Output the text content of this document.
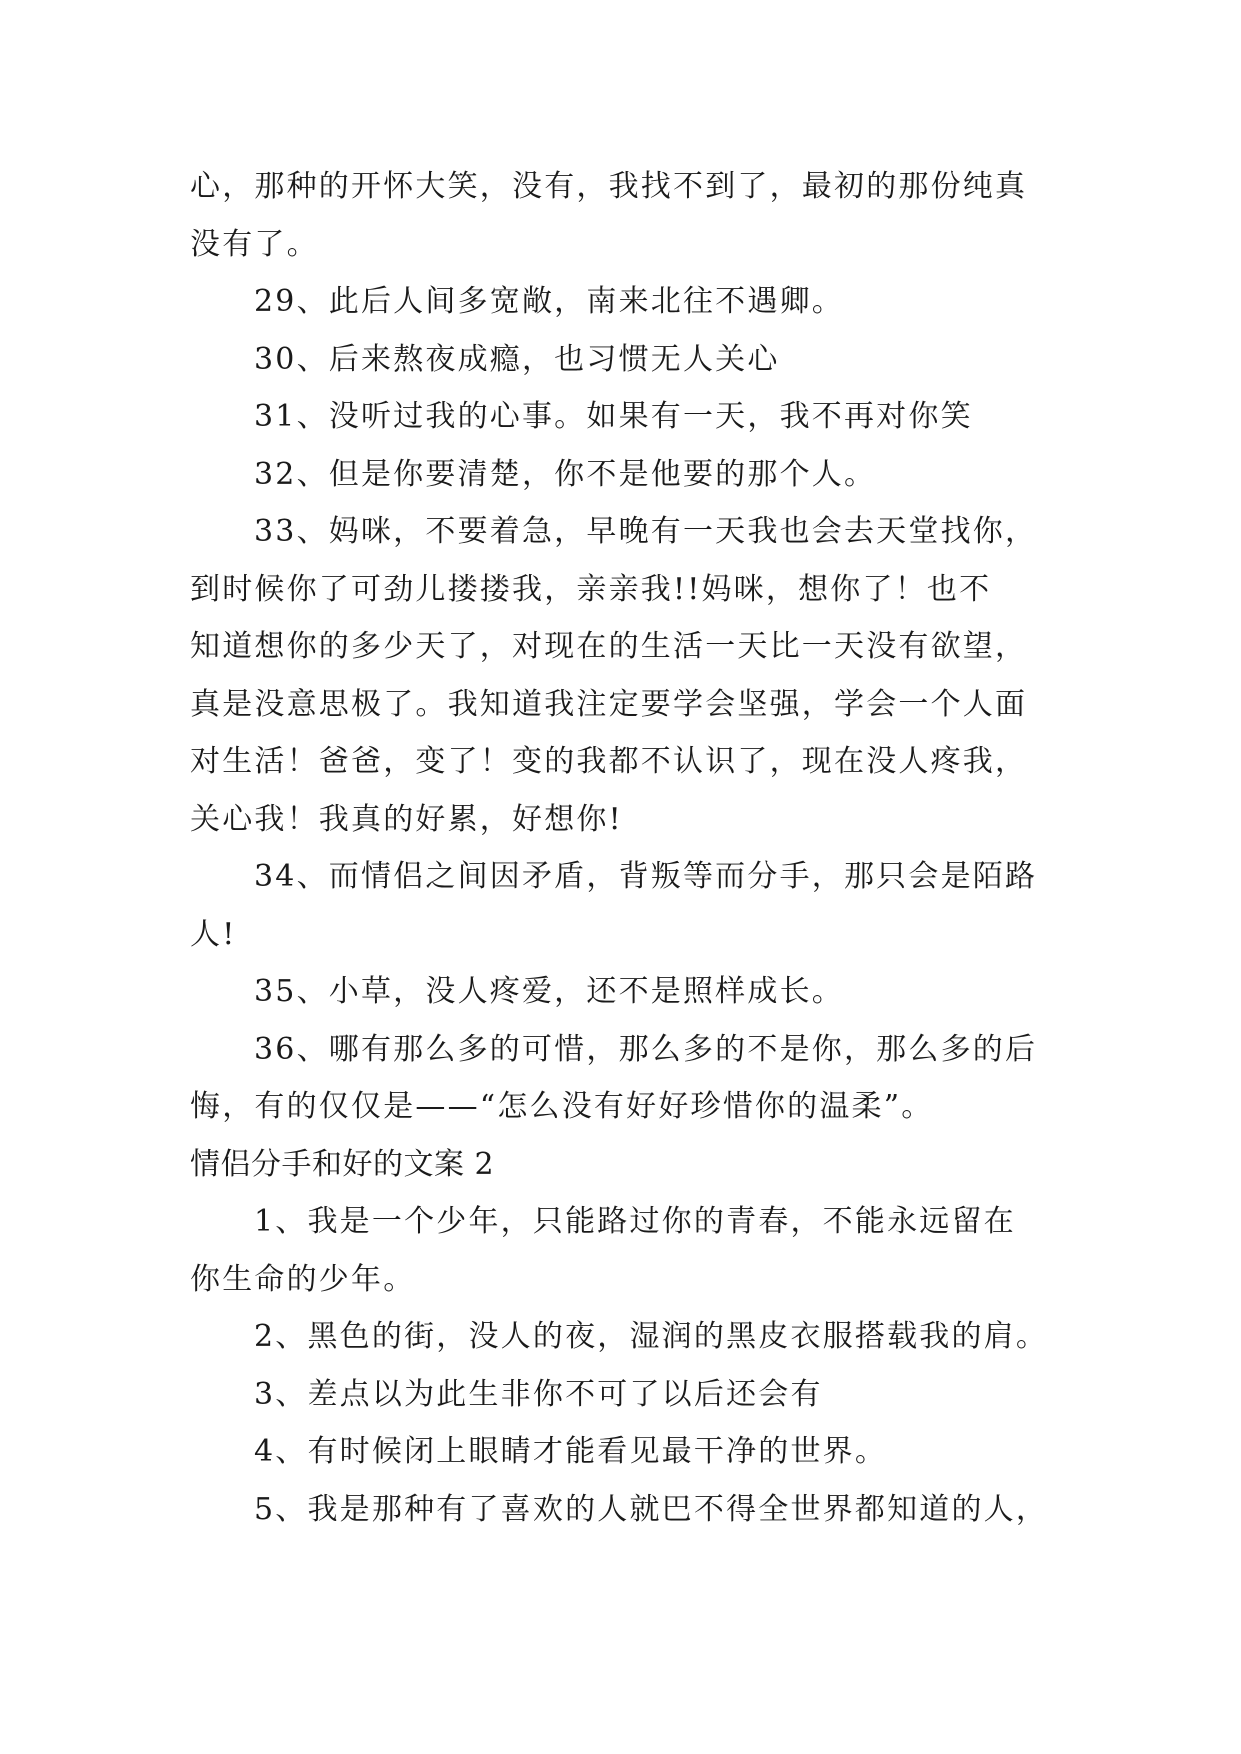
心，那种的开怀大笑，没有，我找不到了，最初的那份纯真
没有了。
29、此后人间多宽敞，南来北往不遇卿。
30、后来熬夜成瘾，也习惯无人关心
31、没听过我的心事。如果有一天，我不再对你笑
32、但是你要清楚，你不是他要的那个人。
33、妈咪，不要着急，早晚有一天我也会去天堂找你，
到时候你了可劲儿搂搂我，亲亲我!!妈咪，想你了！也不
知道想你的多少天了，对现在的生活一天比一天没有欲望，
真是没意思极了。我知道我注定要学会坚强，学会一个人面
对生活！爸爸，变了！变的我都不认识了，现在没人疼我，
关心我！我真的好累，好想你!
34、而情侣之间因矛盾，背叛等而分手，那只会是陌路
人!
35、小草，没人疼爱，还不是照样成长。
36、哪有那么多的可惜，那么多的不是你，那么多的后
悔，有的仅仅是——“怎么没有好好珍惜你的温柔”。
情侣分手和好的文案 2
1、我是一个少年，只能路过你的青春，不能永远留在
你生命的少年。
2、黑色的街，没人的夜，湿润的黑皮衣服搭载我的肩。
3、差点以为此生非你不可了以后还会有
4、有时候闭上眼睛才能看见最干净的世界。
5、我是那种有了喜欢的人就巴不得全世界都知道的人，
